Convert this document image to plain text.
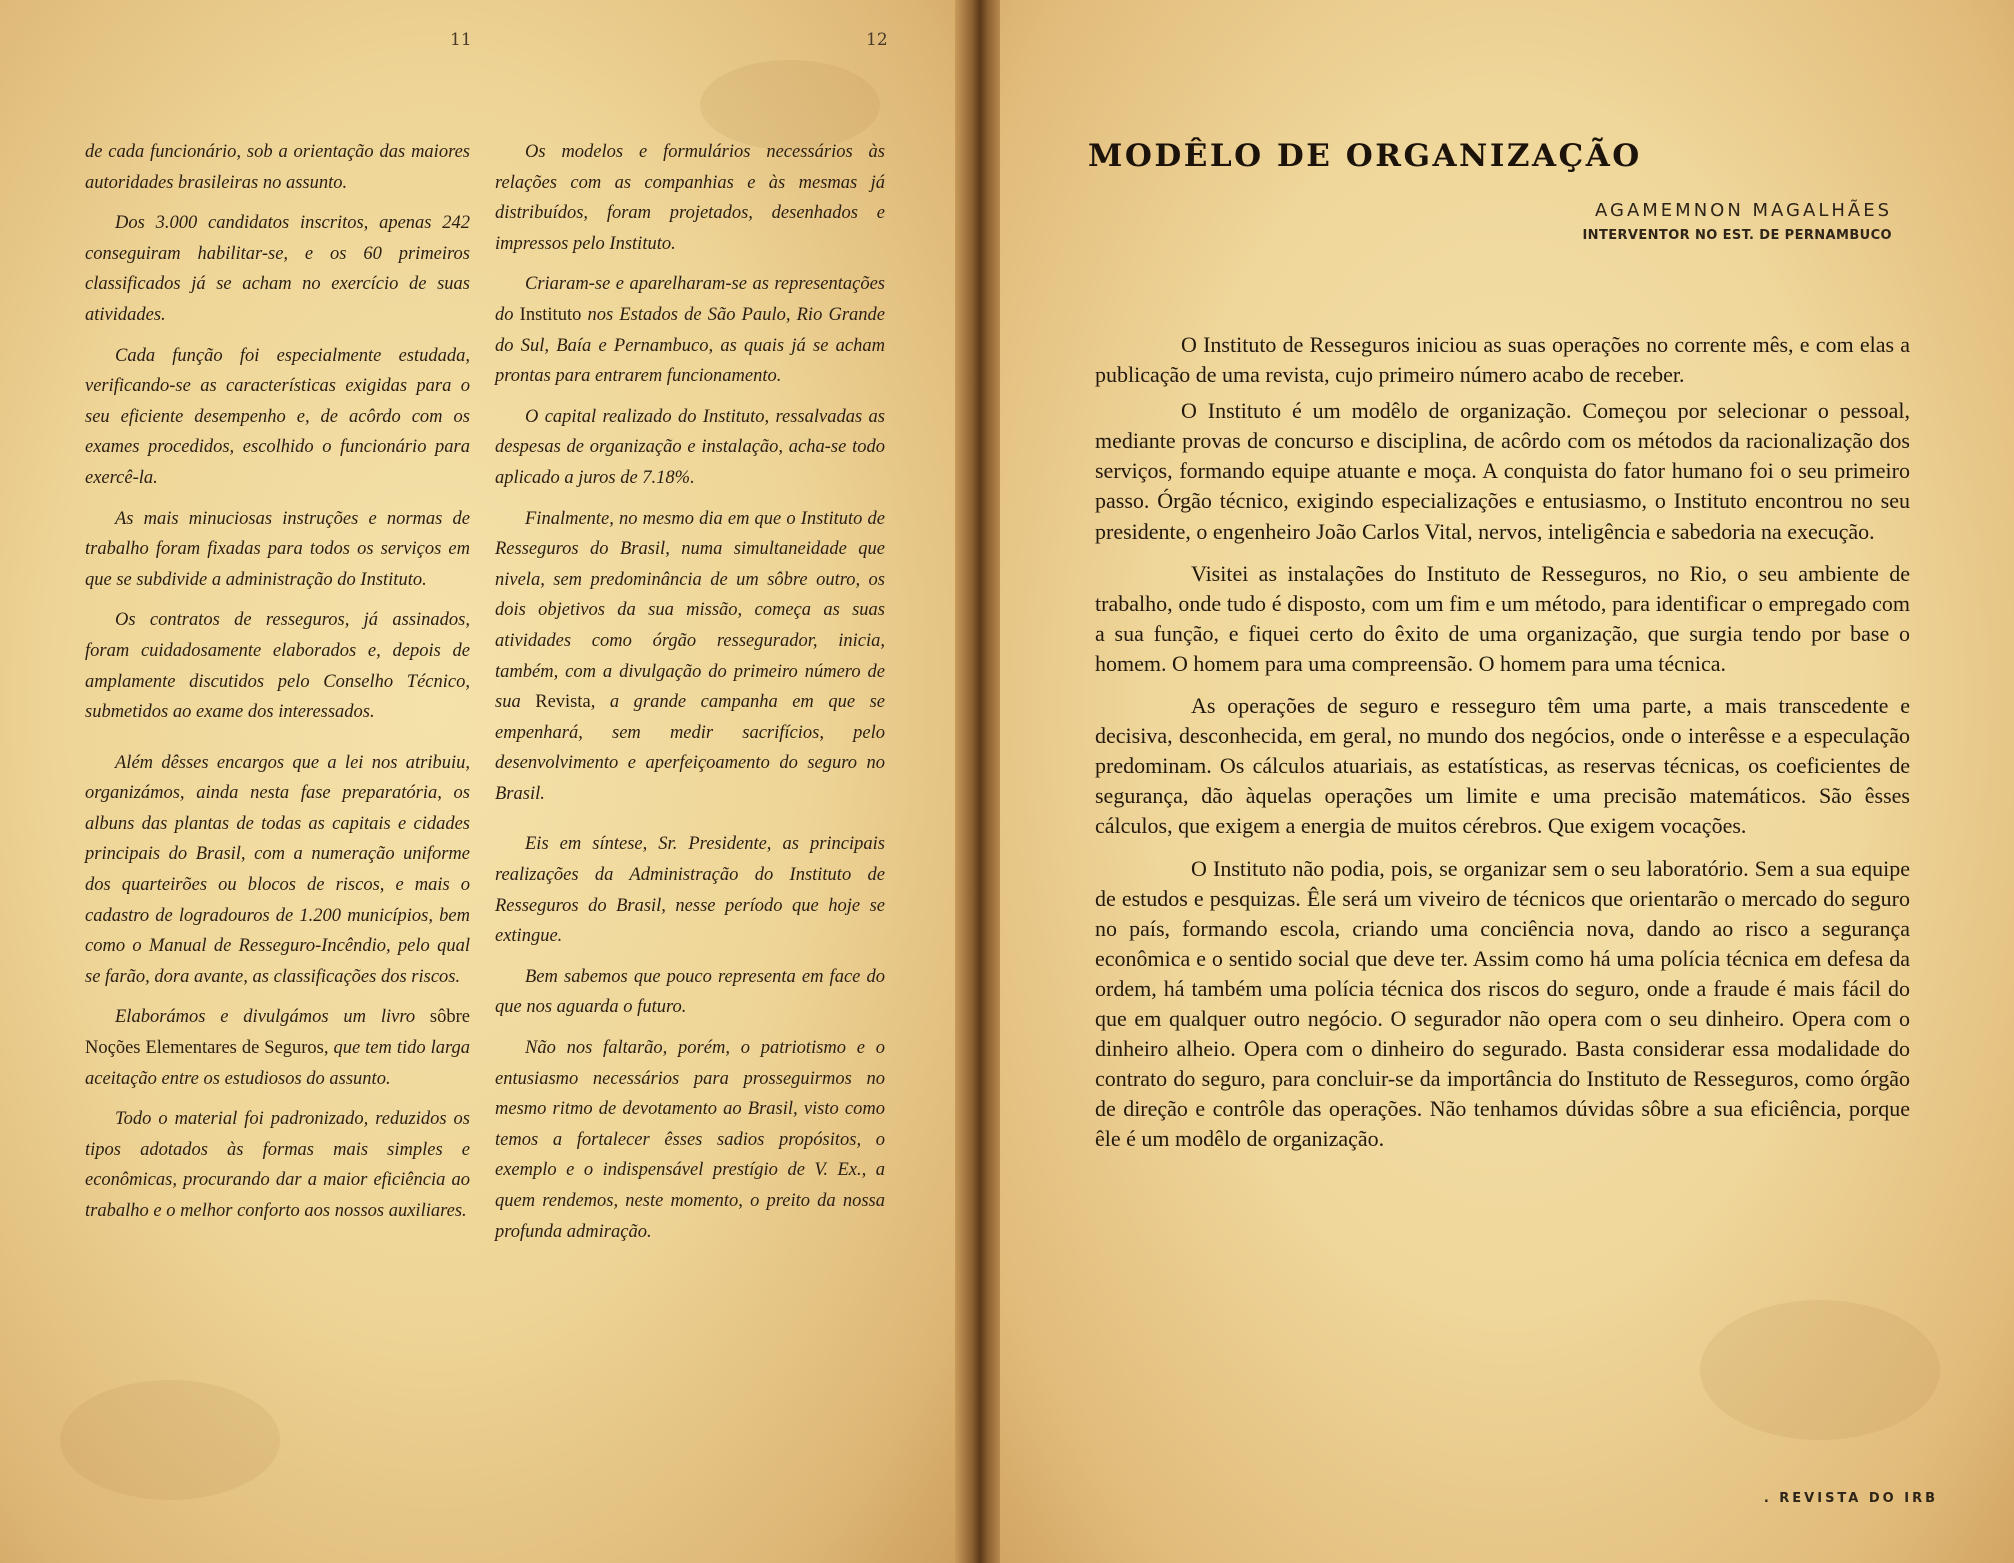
11	12

de cada funcionário, sob a orientação das maiores autoridades brasileiras no assunto.

Dos 3.000 candidatos inscritos, apenas 242 conseguiram habilitar-se, e os 60 primeiros classificados já se acham no exercício de suas atividades.

Cada função foi especialmente estudada, verificando-se as características exigidas para o seu eficiente desempenho e, de acôrdo com os exames procedidos, escolhido o funcionário para exercê-la.

As mais minuciosas instruções e normas de trabalho foram fixadas para todos os serviços em que se subdivide a administração do Instituto.

Os contratos de resseguros, já assinados, foram cuidadosamente elaborados e, depois de amplamente discutidos pelo Conselho Técnico, submetidos ao exame dos interessados.

Além dêsses encargos que a lei nos atribuiu, organizámos, ainda nesta fase preparatória, os albuns das plantas de todas as capitais e cidades principais do Brasil, com a numeração uniforme dos quarteirões ou blocos de riscos, e mais o cadastro de logradouros de 1.200 municípios, bem como o Manual de Resseguro-Incêndio, pelo qual se farão, dora avante, as classificações dos riscos.

Elaborámos e divulgámos um livro sôbre Noções Elementares de Seguros, que tem tido larga aceitação entre os estudiosos do assunto.

Todo o material foi padronizado, reduzidos os tipos adotados às formas mais simples e econômicas, procurando dar a maior eficiência ao trabalho e o melhor conforto aos nossos auxiliares.

Os modelos e formulários necessários às relações com as companhias e às mesmas já distribuídos, foram projetados, desenhados e impressos pelo Instituto.

Criaram-se e aparelharam-se as representações do Instituto nos Estados de São Paulo, Rio Grande do Sul, Baía e Pernambuco, as quais já se acham prontas para entrarem funcionamento.

O capital realizado do Instituto, ressalvadas as despesas de organização e instalação, acha-se todo aplicado a juros de 7.18%.

Finalmente, no mesmo dia em que o Instituto de Resseguros do Brasil, numa simultaneidade que nivela, sem predominância de um sôbre outro, os dois objetivos da sua missão, começa as suas atividades como órgão ressegurador, inicia, também, com a divulgação do primeiro número de sua Revista, a grande campanha em que se empenhará, sem medir sacrifícios, pelo desenvolvimento e aperfeiçoamento do seguro no Brasil.

Eis em síntese, Sr. Presidente, as principais realizações da Administração do Instituto de Resseguros do Brasil, nesse período que hoje se extingue.

Bem sabemos que pouco representa em face do que nos aguarda o futuro.

Não nos faltarão, porém, o patriotismo e o entusiasmo necessários para prosseguirmos no mesmo ritmo de devotamento ao Brasil, visto como temos a fortalecer êsses sadios propósitos, o exemplo e o indispensável prestígio de V. Ex., a quem rendemos, neste momento, o preito da nossa profunda admiração.

MODÊLO DE ORGANIZAÇÃO
AGAMEMNON MAGALHÃES
INTERVENTOR NO EST. DE PERNAMBUCO

O Instituto de Resseguros iniciou as suas operações no corrente mês, e com elas a publicação de uma revista, cujo primeiro número acabo de receber.

O Instituto é um modêlo de organização. Começou por selecionar o pessoal, mediante provas de concurso e disciplina, de acôrdo com os métodos da racionalização dos serviços, formando equipe atuante e moça. A conquista do fator humano foi o seu primeiro passo. Órgão técnico, exigindo especializações e entusiasmo, o Instituto encontrou no seu presidente, o engenheiro João Carlos Vital, nervos, inteligência e sabedoria na execução.

Visitei as instalações do Instituto de Resseguros, no Rio, o seu ambiente de trabalho, onde tudo é disposto, com um fim e um método, para identificar o empregado com a sua função, e fiquei certo do êxito de uma organização, que surgia tendo por base o homem. O homem para uma compreensão. O homem para uma técnica.

As operações de seguro e resseguro têm uma parte, a mais transcedente e decisiva, desconhecida, em geral, no mundo dos negócios, onde o interêsse e a especulação predominam. Os cálculos atuariais, as estatísticas, as reservas técnicas, os coeficientes de segurança, dão àquelas operações um limite e uma precisão matemáticos. São êsses cálculos, que exigem a energia de muitos cérebros. Que exigem vocações.

O Instituto não podia, pois, se organizar sem o seu laboratório. Sem a sua equipe de estudos e pesquizas. Êle será um viveiro de técnicos que orientarão o mercado do seguro no país, formando escola, criando uma conciência nova, dando ao risco a segurança econômica e o sentido social que deve ter. Assim como há uma polícia técnica em defesa da ordem, há também uma polícia técnica dos riscos do seguro, onde a fraude é mais fácil do que em qualquer outro negócio. O segurador não opera com o seu dinheiro. Opera com o dinheiro alheio. Opera com o dinheiro do segurado. Basta considerar essa modalidade do contrato do seguro, para concluir-se da importância do Instituto de Resseguros, como órgão de direção e contrôle das operações. Não tenhamos dúvidas sôbre a sua eficiência, porque êle é um modêlo de organização.

. REVISTA DO IRB
